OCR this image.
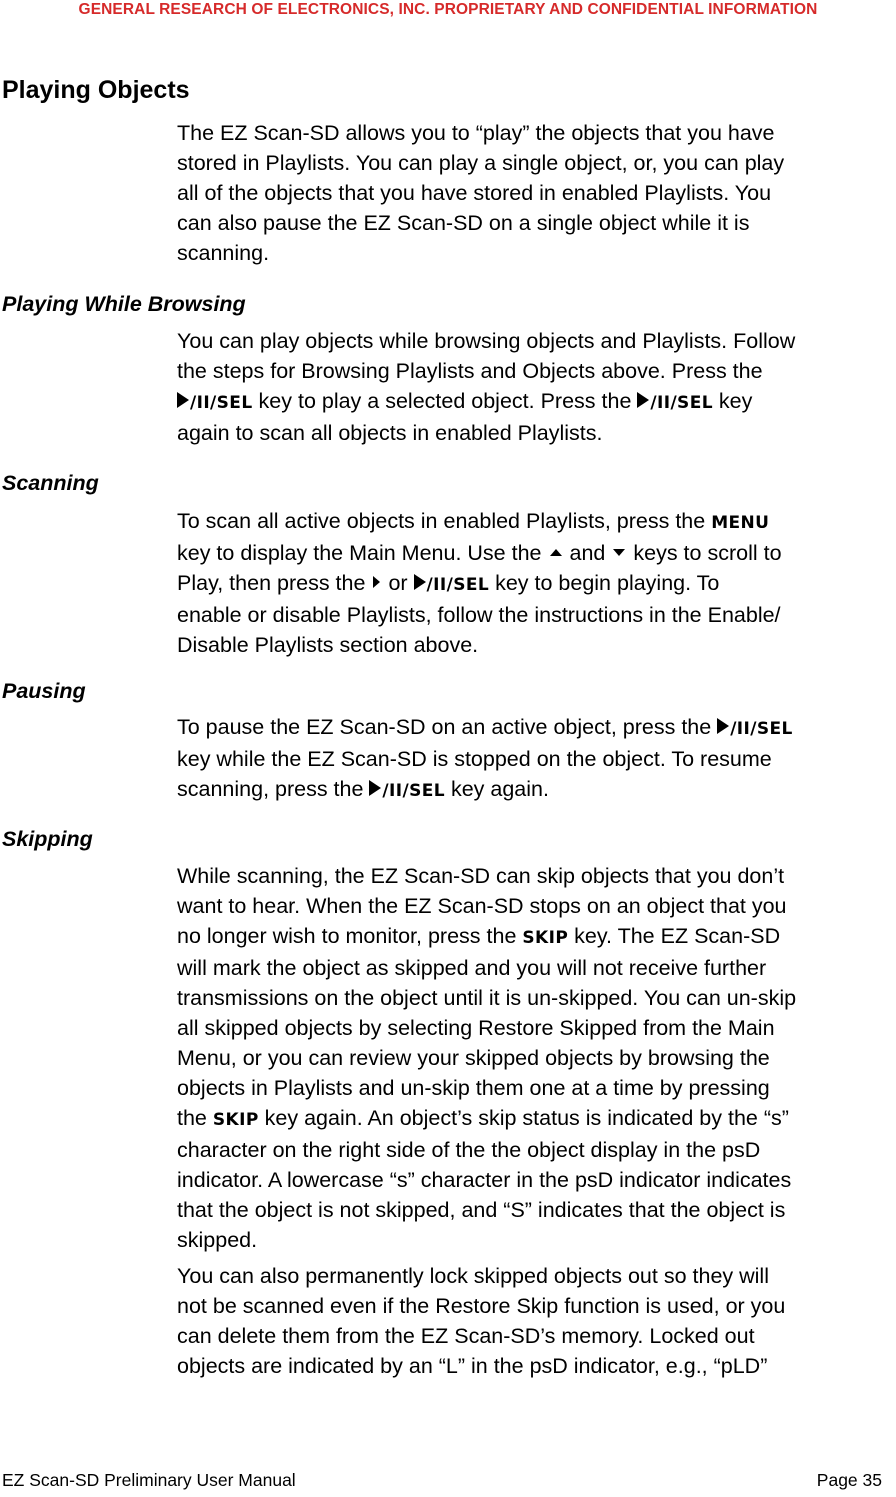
GENERAL RESEARCH OF ELECTRONICS, INC. PROPRIETARY AND CONFIDENTIAL INFORMATION
Playing Objects
The EZ Scan-SD allows you to “play” the objects that you have
stored in Playlists. You can play a single object, or, you can play
all of the objects that you have stored in enabled Playlists. You
can also pause the EZ Scan-SD on a single object while it is
scanning.
Playing While Browsing
You can play objects while browsing objects and Playlists. Follow
the steps for Browsing Playlists and Objects above. Press the
/II/SEL key to play a selected object. Press the /II/SEL key
again to scan all objects in enabled Playlists.
Scanning
To scan all active objects in enabled Playlists, press the MENU
key to display the Main Menu. Use the and keys to scroll to
Play, then press the or /II/SEL key to begin playing. To
enable or disable Playlists, follow the instructions in the Enable/
Disable Playlists section above.
Pausing
To pause the EZ Scan-SD on an active object, press the /II/SEL
key while the EZ Scan-SD is stopped on the object. To resume
scanning, press the /II/SEL key again.
Skipping
While scanning, the EZ Scan-SD can skip objects that you don’t
want to hear. When the EZ Scan-SD stops on an object that you
no longer wish to monitor, press the SKIP key. The EZ Scan-SD
will mark the object as skipped and you will not receive further
transmissions on the object until it is un-skipped. You can un-skip
all skipped objects by selecting Restore Skipped from the Main
Menu, or you can review your skipped objects by browsing the
objects in Playlists and un-skip them one at a time by pressing
the SKIP key again. An object’s skip status is indicated by the “s”
character on the right side of the the object display in the psD
indicator. A lowercase “s” character in the psD indicator indicates
that the object is not skipped, and “S” indicates that the object is
skipped.
You can also permanently lock skipped objects out so they will
not be scanned even if the Restore Skip function is used, or you
can delete them from the EZ Scan-SD’s memory. Locked out
objects are indicated by an “L” in the psD indicator, e.g., “pLD”
EZ Scan-SD Preliminary User Manual	Page 35
